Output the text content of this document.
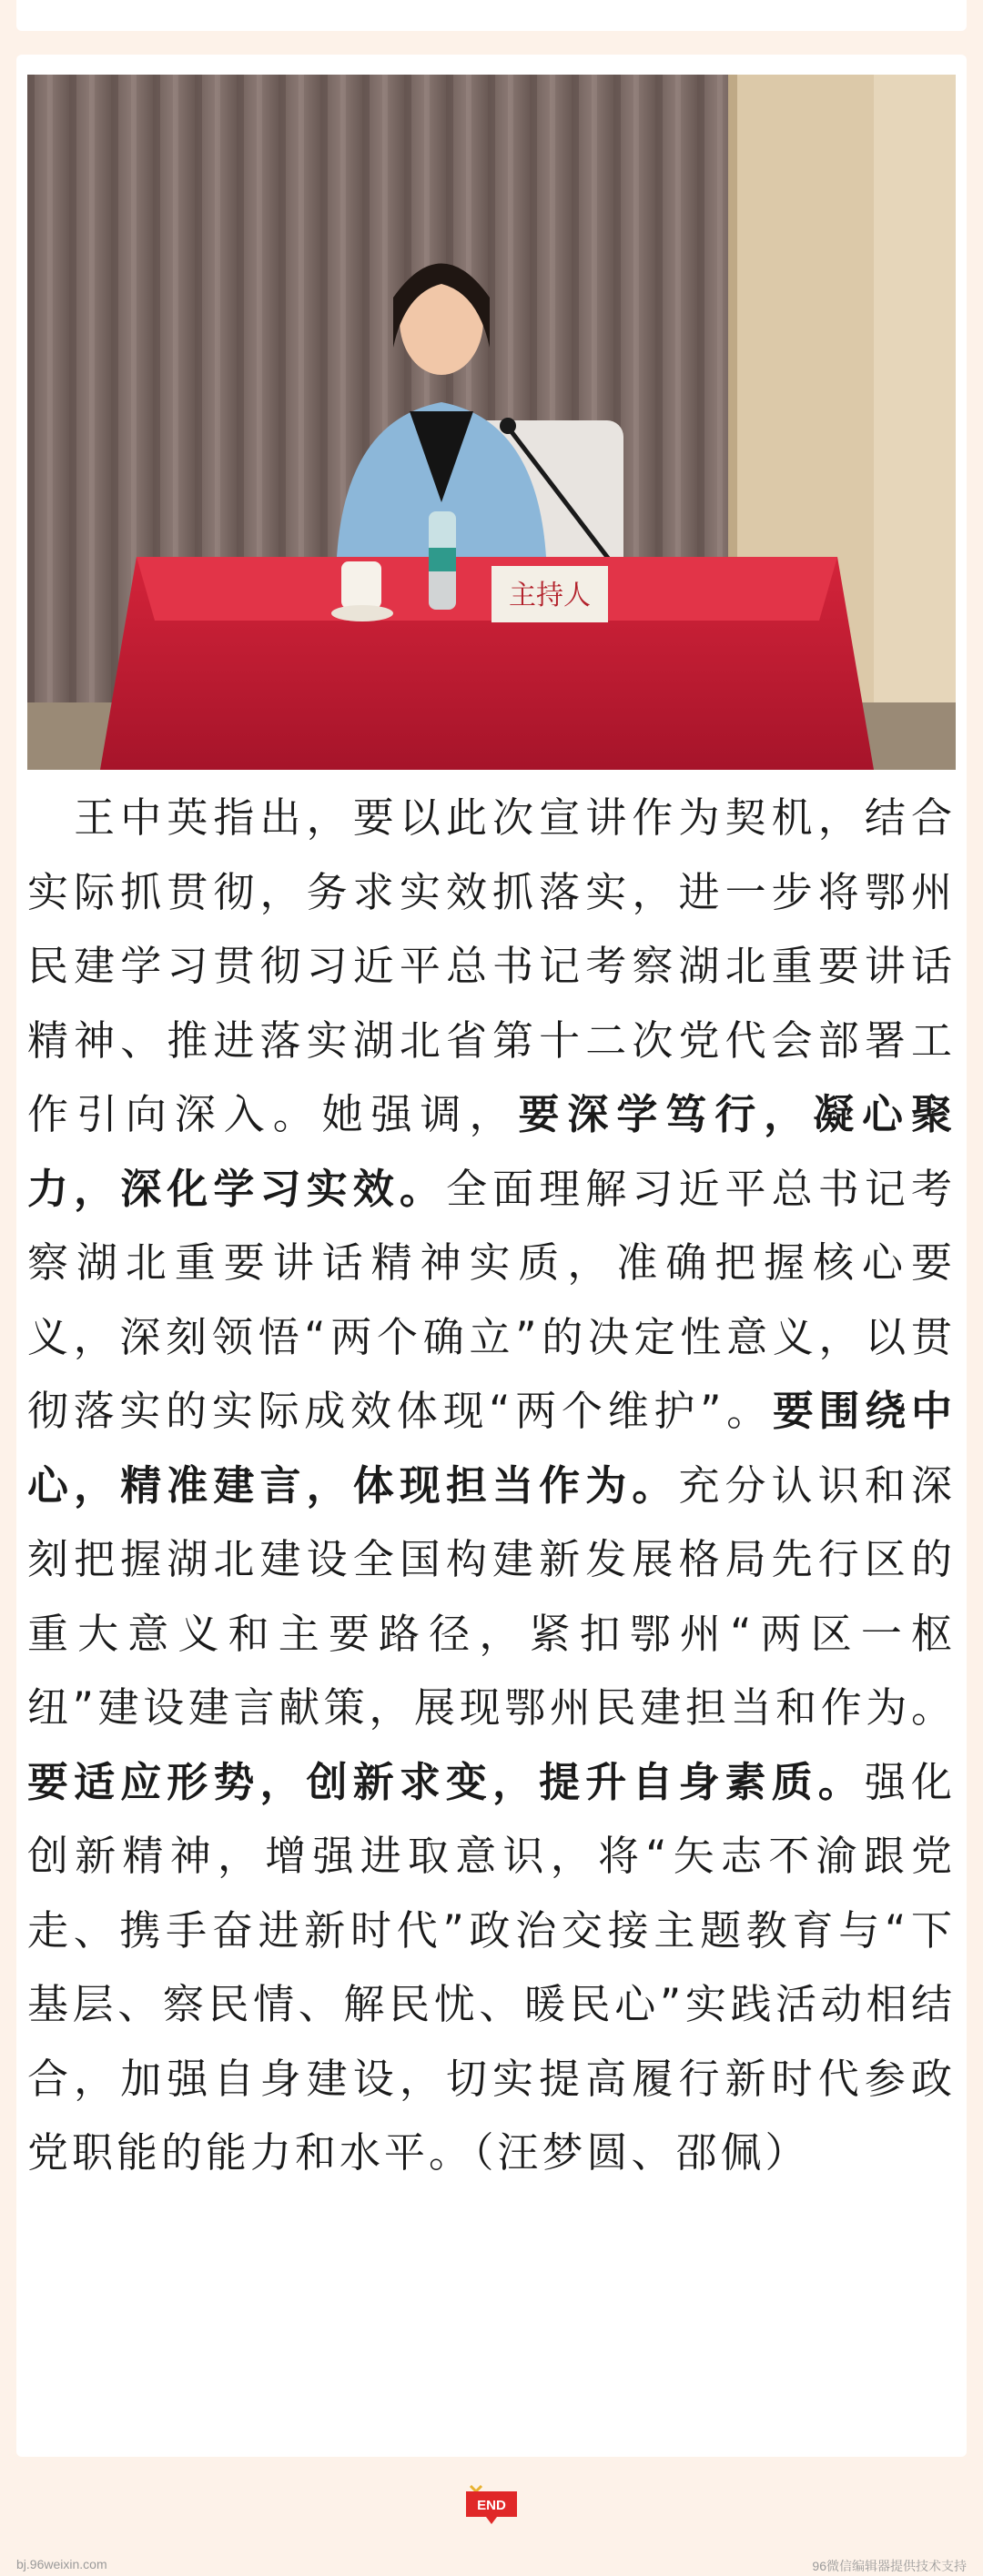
主持人

　王中英指出，要以此次宣讲作为契机，结合实际抓贯彻，务求实效抓落实，进一步将鄂州民建学习贯彻习近平总书记考察湖北重要讲话精神、推进落实湖北省第十二次党代会部署工作引向深入。她强调，要深学笃行，凝心聚力，深化学习实效。全面理解习近平总书记考察湖北重要讲话精神实质，准确把握核心要义，深刻领悟“两个确立”的决定性意义，以贯彻落实的实际成效体现“两个维护”。要围绕中心，精准建言，体现担当作为。充分认识和深刻把握湖北建设全国构建新发展格局先行区的重大意义和主要路径，紧扣鄂州“两区一枢纽”建设建言献策，展现鄂州民建担当和作为。要适应形势，创新求变，提升自身素质。强化创新精神，增强进取意识，将“矢志不渝跟党走、携手奋进新时代”政治交接主题教育与“下基层、察民情、解民忧、暖民心”实践活动相结合，加强自身建设，切实提高履行新时代参政党职能的能力和水平。（汪梦圆、邵佩）

END
bj.96weixin.com	96微信编辑器提供技术支持
